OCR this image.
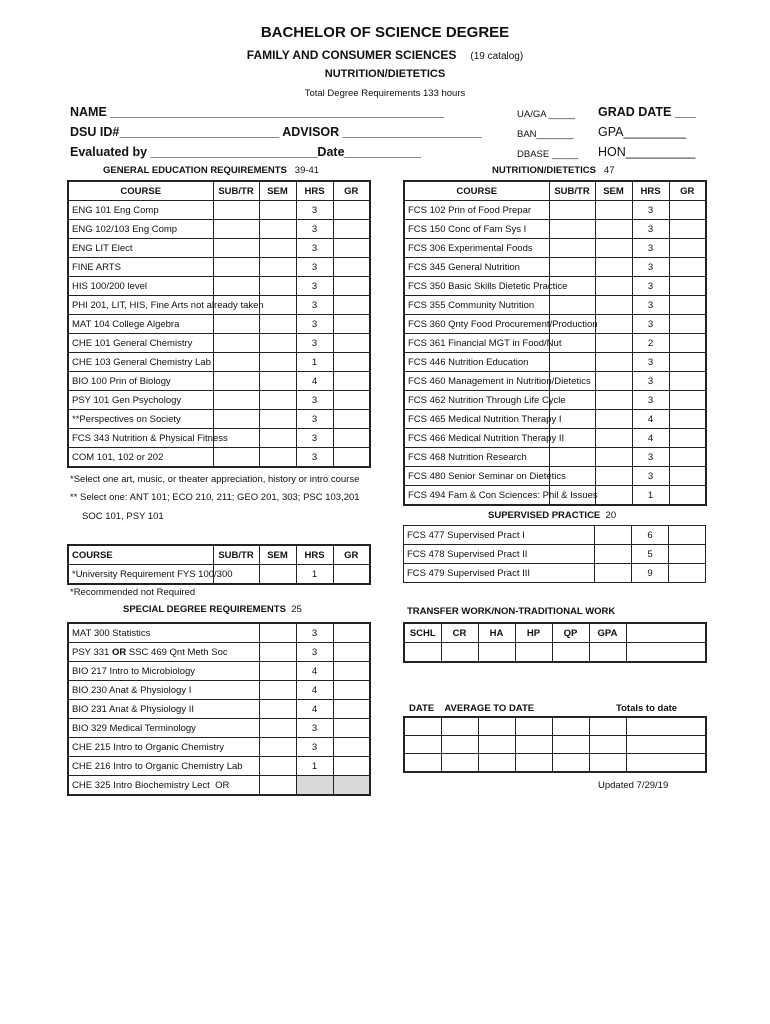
BACHELOR OF SCIENCE DEGREE
FAMILY AND CONSUMER SCIENCES (19 catalog)
NUTRITION/DIETETICS
Total Degree Requirements 133 hours
NAME ________________________________________________
DSU ID#_______________________ ADVISOR ____________________
Evaluated by ________________________Date___________
UA/GA _____
BAN_______
DBASE _____
GRAD DATE ___
GPA_________
HON__________
GENERAL EDUCATION REQUIREMENTS 39-41
COURSE	SUB/TR	SEM	HRS	GR
ENG 101 Eng Comp			3	
ENG 102/103 Eng Comp			3	
ENG LIT Elect			3	
FINE ARTS			3	
HIS 100/200 level			3	
PHI 201, LIT, HIS, Fine Arts not already taken			3	
MAT 104 College Algebra			3	
CHE 101 General Chemistry			3	
CHE 103 General Chemistry Lab			1	
BIO 100 Prin of Biology			4	
PSY 101 Gen Psychology			3	
**Perspectives on Society			3	
FCS 343 Nutrition & Physical Fitness			3	
COM 101, 102 or 202			3	
*Select one art, music, or theater appreciation, history or intro course
** Select one: ANT 101; ECO 210, 211; GEO 201, 303; PSC 103,201
SOC 101, PSY 101
COURSE	SUB/TR	SEM	HRS	GR
*University Requirement FYS 100/300			1	
*Recommended not Required
SPECIAL DEGREE REQUIREMENTS 25
MAT 300 Statistics		3	
PSY 331 OR SSC 469 Qnt Meth Soc		3	
BIO 217 Intro to Microbiology		4	
BIO 230 Anat & Physiology I		4	
BIO 231 Anat & Physiology II		4	
BIO 329 Medical Terminology		3	
CHE 215 Intro to Organic Chemistry		3	
CHE 216 Intro to Organic Chemistry Lab		1	
CHE 325 Intro Biochemistry Lect  OR			
NUTRITION/DIETETICS 47
COURSE	SUB/TR	SEM	HRS	GR
FCS 102 Prin of Food Prepar			3	
FCS 150 Conc of Fam Sys I			3	
FCS 306 Experimental Foods			3	
FCS 345 General Nutrition			3	
FCS 350 Basic Skills Dietetic Practice			3	
FCS 355 Community Nutrition			3	
FCS 360 Qnty Food Procurement/Production			3	
FCS 361 Financial MGT in Food/Nut			2	
FCS 446 Nutrition Education			3	
FCS 460 Management in Nutrition/Dietetics			3	
FCS 462 Nutrition Through Life Cycle			3	
FCS 465 Medical Nutrition Therapy I			4	
FCS 466 Medical Nutrition Therapy II			4	
FCS 468 Nutrition Research			3	
FCS 480 Senior Seminar on Dietetics			3	
FCS 494 Fam & Con Sciences: Phil & Issues			1	
SUPERVISED PRACTICE 20
FCS 477 Supervised Pract I		6	
FCS 478 Supervised Pract II		5	
FCS 479 Supervised Pract III		9	
TRANSFER WORK/NON-TRADITIONAL WORK
SCHL	CR	HA	HP	QP	GPA	

DATE AVERAGE TO DATE	Totals to date

Updated 7/29/19
